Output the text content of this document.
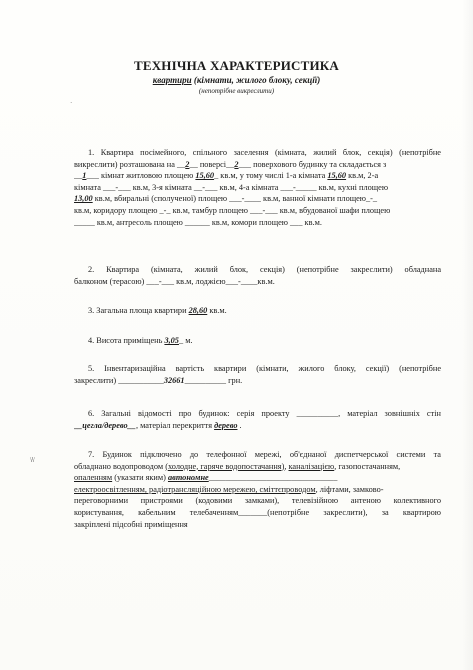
ТЕХНІЧНА ХАРАКТЕРИСТИКА
квартири (кімнати, жилого блоку, секції)
(непотрібне викреслити)
·
\/\/
1. Квартира посімейного, спільного заселення (кімната, жилий блок, секція) (непотрібне
викреслити) розташована на __2__ поверсі__2___ поверхового будинку та складається з
__1___ кімнат житловою площею 15,60_ кв.м, у тому числі 1-а кімната 15,60 кв.м, 2-а
кімната ___-___ кв.м, 3-я кімната __-___ кв.м, 4-а кімната ___-_____ кв.м, кухні площею
13,00 кв.м, вбиральні (сполученої) площею ___-____ кв.м, ванної кімнати площею_-_
кв.м, коридору площею _-_ кв.м, тамбур площею ___-___ кв.м, вбудованої шафи площею
_____ кв.м, антресоль площею ______ кв.м, комори площею ___ кв.м.
2. Квартира (кімната, жилий блок, секція) (непотрібне закреслити) обладнана
балконом (терасою) ___-___ кв.м, лоджією___-____кв.м.
3. Загальна площа квартири 28,60 кв.м.
4. Висота приміщень 3,05_ м.
5. Інвентаризаційна вартість квартири (кімнати, жилого блоку, секції) (непотрібне
закреслити) ___________32661__________ грн.
6. Загальні відомості про будинок: серія проекту __________, матеріал зовнішніх стін
__цегла/дерево__, матеріал перекриття дерево .
7. Будинок підключено до телефонної мережі, об'єднаної диспетчерської системи та
обладнано водопроводом (холодне, гаряче водопостачання), каналізацією, газопостачанням,
опаленням (указати яким) автономне_______________________________
електроосвітленням, радіотрансляційною мережею, сміттєпроводом, ліфтами, замково-
переговорними пристроями (кодовими замками), телевізійною антеною колективного
користування, кабельним телебаченням_______(непотрібне закреслити), за квартирою
закріплені підсобні приміщення
